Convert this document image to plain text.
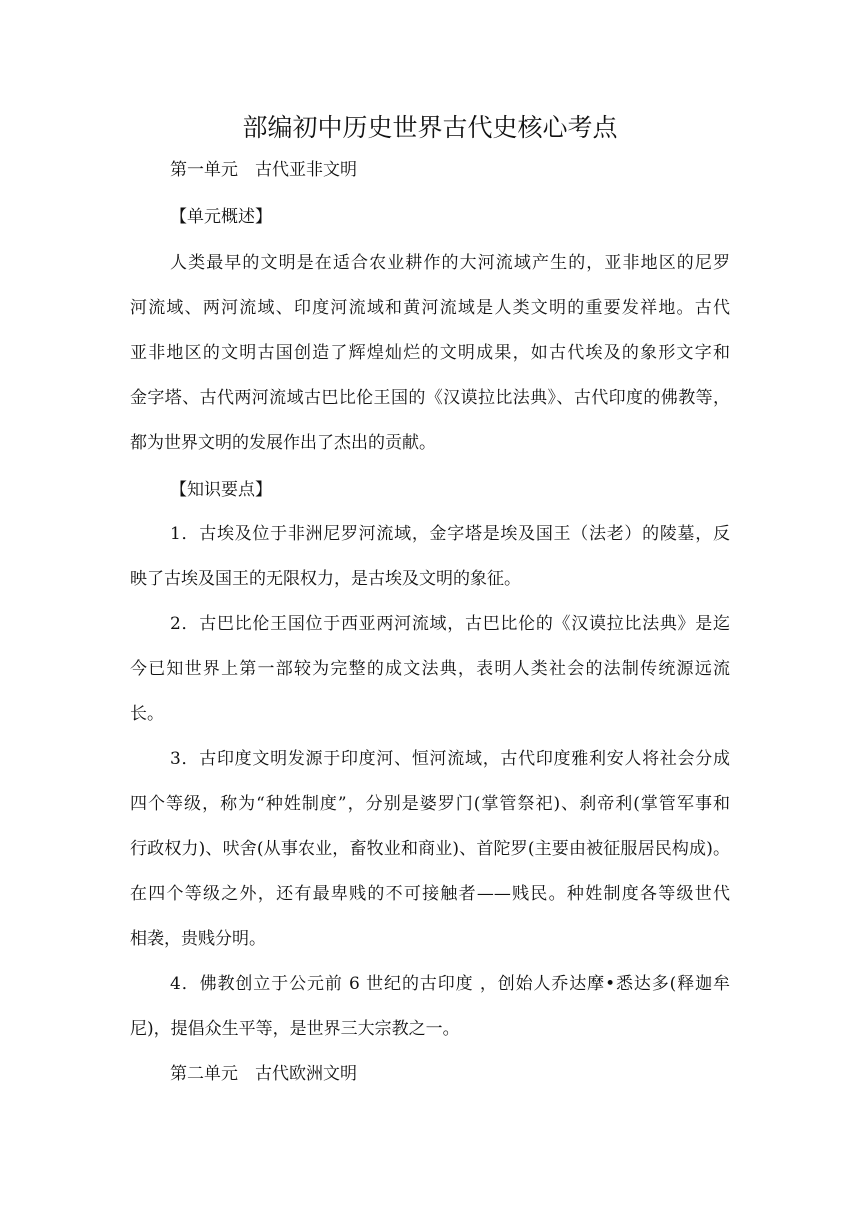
部编初中历史世界古代史核心考点

第一单元　古代亚非文明

【单元概述】

人类最早的文明是在适合农业耕作的大河流域产生的，亚非地区的尼罗

河流域、两河流域、印度河流域和黄河流域是人类文明的重要发祥地。古代

亚非地区的文明古国创造了辉煌灿烂的文明成果，如古代埃及的象形文字和

金字塔、古代两河流域古巴比伦王国的《汉谟拉比法典》、古代印度的佛教等，

都为世界文明的发展作出了杰出的贡献。

【知识要点】

1．古埃及位于非洲尼罗河流域，金字塔是埃及国王（法老）的陵墓，反

映了古埃及国王的无限权力，是古埃及文明的象征。

2．古巴比伦王国位于西亚两河流域，古巴比伦的《汉谟拉比法典》是迄

今已知世界上第一部较为完整的成文法典，表明人类社会的法制传统源远流

长。

3．古印度文明发源于印度河、恒河流域，古代印度雅利安人将社会分成

四个等级，称为“种姓制度”，分别是婆罗门(掌管祭祀)、刹帝利(掌管军事和

行政权力)、吠舍(从事农业，畜牧业和商业)、首陀罗(主要由被征服居民构成)。

在四个等级之外，还有最卑贱的不可接触者——贱民。种姓制度各等级世代

相袭，贵贱分明。

4．佛教创立于公元前 6 世纪的古印度 ，创始人乔达摩•悉达多(释迦牟

尼)，提倡众生平等，是世界三大宗教之一。

第二单元　古代欧洲文明
